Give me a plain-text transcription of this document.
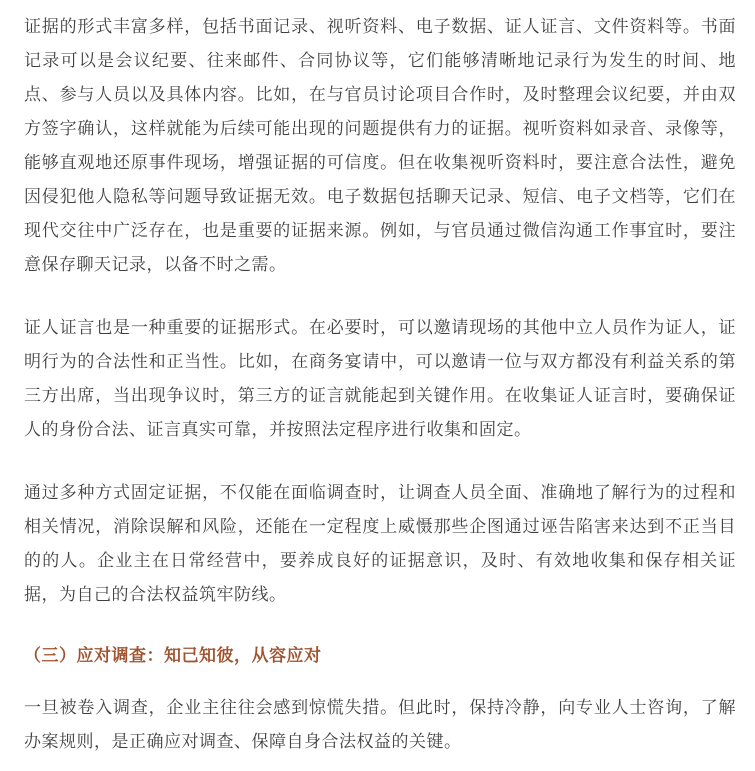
证据的形式丰富多样，包括书面记录、视听资料、电子数据、证人证言、文件资料等。书面
记录可以是会议纪要、往来邮件、合同协议等，它们能够清晰地记录行为发生的时间、地
点、参与人员以及具体内容。比如，在与官员讨论项目合作时，及时整理会议纪要，并由双
方签字确认，这样就能为后续可能出现的问题提供有力的证据。视听资料如录音、录像等，
能够直观地还原事件现场，增强证据的可信度。但在收集视听资料时，要注意合法性，避免
因侵犯他人隐私等问题导致证据无效。电子数据包括聊天记录、短信、电子文档等，它们在
现代交往中广泛存在，也是重要的证据来源。例如，与官员通过微信沟通工作事宜时，要注
意保存聊天记录，以备不时之需。
证人证言也是一种重要的证据形式。在必要时，可以邀请现场的其他中立人员作为证人，证
明行为的合法性和正当性。比如，在商务宴请中，可以邀请一位与双方都没有利益关系的第
三方出席，当出现争议时，第三方的证言就能起到关键作用。在收集证人证言时，要确保证
人的身份合法、证言真实可靠，并按照法定程序进行收集和固定。
通过多种方式固定证据，不仅能在面临调查时，让调查人员全面、准确地了解行为的过程和
相关情况，消除误解和风险，还能在一定程度上威慑那些企图通过诬告陷害来达到不正当目
的的人。企业主在日常经营中，要养成良好的证据意识，及时、有效地收集和保存相关证
据，为自己的合法权益筑牢防线。
（三）应对调查：知己知彼，从容应对
一旦被卷入调查，企业主往往会感到惊慌失措。但此时，保持冷静，向专业人士咨询，了解
办案规则，是正确应对调查、保障自身合法权益的关键。
